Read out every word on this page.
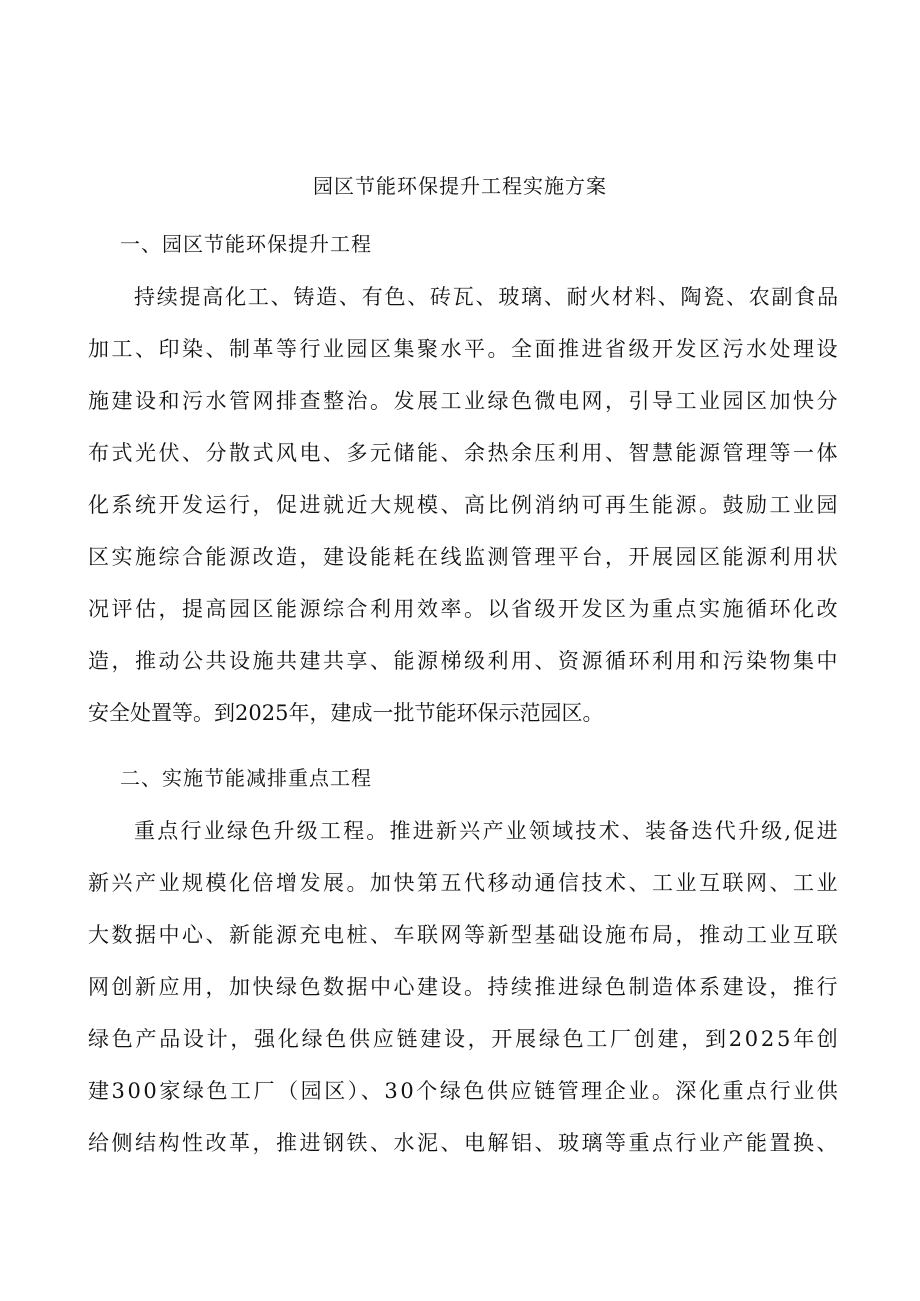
园区节能环保提升工程实施方案
一、园区节能环保提升工程
持续提高化工、铸造、有色、砖瓦、玻璃、耐火材料、陶瓷、农副食品
加工、印染、制革等行业园区集聚水平。全面推进省级开发区污水处理设
施建设和污水管网排查整治。发展工业绿色微电网，引导工业园区加快分
布式光伏、分散式风电、多元储能、余热余压利用、智慧能源管理等一体
化系统开发运行，促进就近大规模、高比例消纳可再生能源。鼓励工业园
区实施综合能源改造，建设能耗在线监测管理平台，开展园区能源利用状
况评估，提高园区能源综合利用效率。以省级开发区为重点实施循环化改
造，推动公共设施共建共享、能源梯级利用、资源循环利用和污染物集中
安全处置等。到2025年，建成一批节能环保示范园区。
二、实施节能减排重点工程
重点行业绿色升级工程。推进新兴产业领域技术、装备迭代升级,促进
新兴产业规模化倍增发展。加快第五代移动通信技术、工业互联网、工业
大数据中心、新能源充电桩、车联网等新型基础设施布局，推动工业互联
网创新应用，加快绿色数据中心建设。持续推进绿色制造体系建设，推行
绿色产品设计，强化绿色供应链建设，开展绿色工厂创建，到2025年创
建300家绿色工厂（园区）、30个绿色供应链管理企业。深化重点行业供
给侧结构性改革，推进钢铁、水泥、电解铝、玻璃等重点行业产能置换、
